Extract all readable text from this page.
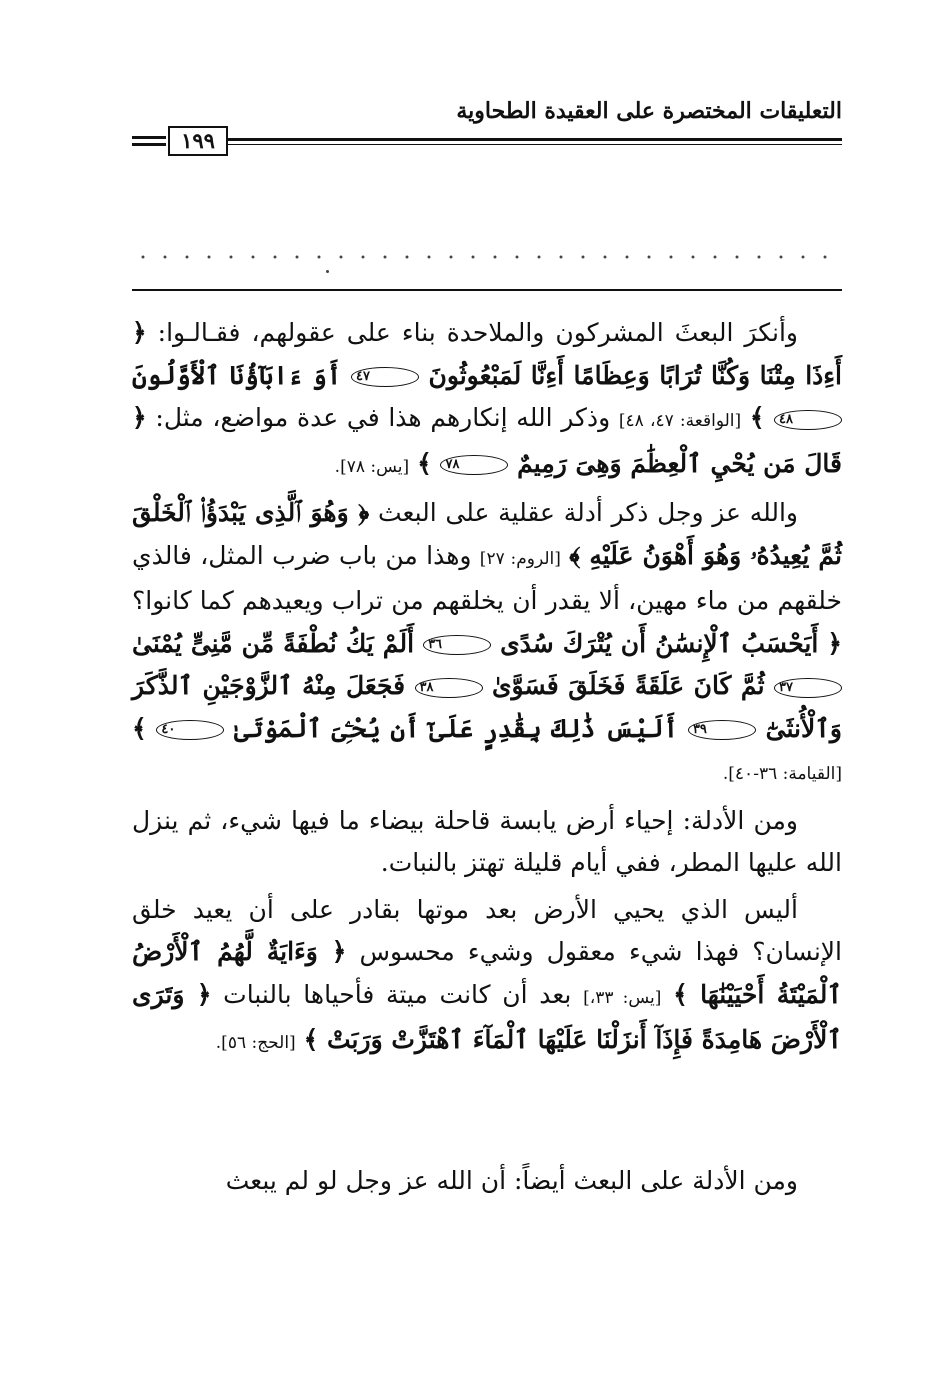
التعليقات المختصرة على العقيدة الطحاوية
١٩٩

وأنكرَ البعثَ المشركون والملاحدة بناء على عقولهم، فقـالـوا: ﴿ أَءِذَا مِتْنَا وَكُنَّا تُرَابًا وَعِظَامًا أَءِنَّا لَمَبْعُوثُونَ ٤٧ أَوَ ءَابَآؤُنَا ٱلْأَوَّلُونَ ٤٨ ﴾ [الواقعة: ٤٧، ٤٨] وذكر الله إنكارهم هذا في عدة مواضع، مثل: ﴿ قَالَ مَن يُحْيِ ٱلْعِظَٰمَ وَهِىَ رَمِيمٌ ٧٨ ﴾ [يس: ٧٨].

والله عز وجل ذكر أدلة عقلية على البعث ﴿ وَهُوَ ٱلَّذِى يَبْدَؤُا۟ ٱلْخَلْقَ ثُمَّ يُعِيدُهُۥ وَهُوَ أَهْوَنُ عَلَيْهِ ﴾ [الروم: ٢٧] وهذا من باب ضرب المثل، فالذي خلقهم من ماء مهين، ألا يقدر أن يخلقهم من تراب ويعيدهم كما كانوا؟ ﴿ أَيَحْسَبُ ٱلْإِنسَٰنُ أَن يُتْرَكَ سُدًى ٣٦ أَلَمْ يَكُ نُطْفَةً مِّن مَّنِىٍّ يُمْنَىٰ ٣٧ ثُمَّ كَانَ عَلَقَةً فَخَلَقَ فَسَوَّىٰ ٣٨ فَجَعَلَ مِنْهُ ٱلزَّوْجَيْنِ ٱلذَّكَرَ وَٱلْأُنثَىٰٓ ٣٩ أَلَيْسَ ذَٰلِكَ بِقَٰدِرٍ عَلَىٰٓ أَن يُحْـِۧىَ ٱلْمَوْتَىٰ ٤٠ ﴾ [القيامة: ٣٦-٤٠].

ومن الأدلة: إحياء أرض يابسة قاحلة بيضاء ما فيها شيء، ثم ينزل الله عليها المطر، ففي أيام قليلة تهتز بالنبات.

أليس الذي يحيي الأرض بعد موتها بقادر على أن يعيد خلق الإنسان؟ فهذا شيء معقول وشيء محسوس ﴿ وَءَايَةٌ لَّهُمُ ٱلْأَرْضُ ٱلْمَيْتَةُ أَحْيَيْنَٰهَا ﴾ [يس: ٣٣،] بعد أن كانت ميتة فأحياها بالنبات ﴿ وَتَرَى ٱلْأَرْضَ هَامِدَةً فَإِذَآ أَنزَلْنَا عَلَيْهَا ٱلْمَآءَ ٱهْتَزَّتْ وَرَبَتْ ﴾ [الحج: ٥٦].

ومن الأدلة على البعث أيضاً: أن الله عز وجل لو لم يبعث
